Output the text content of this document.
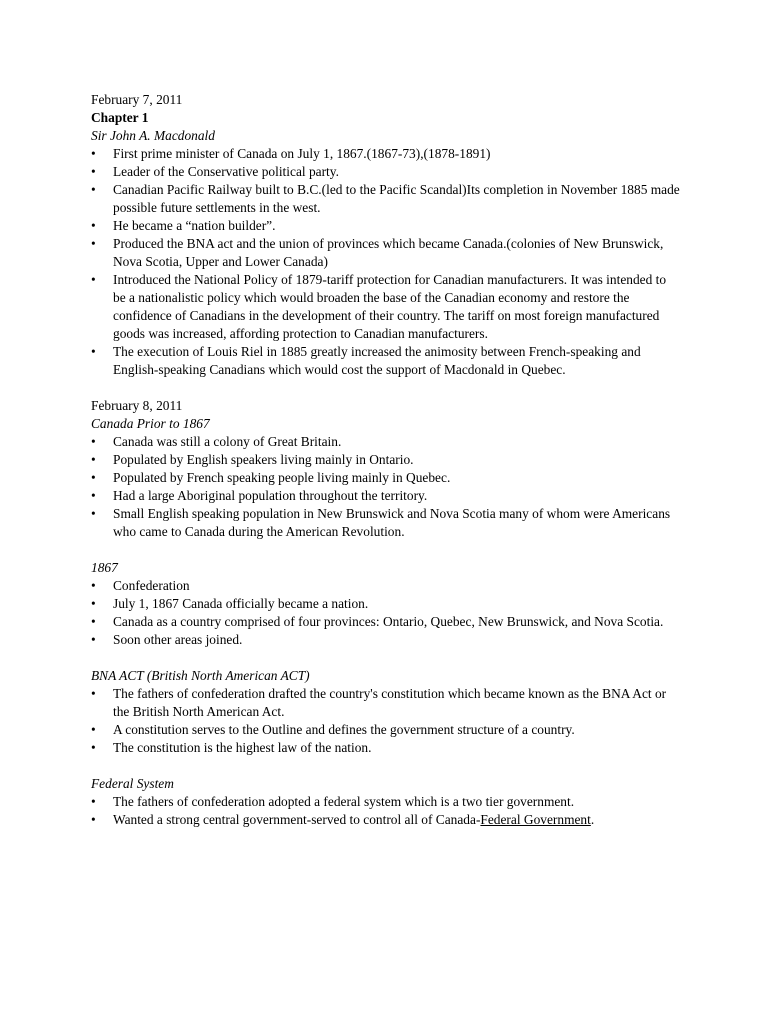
February 7, 2011
Chapter 1
Sir John A. Macdonald
•	First prime minister of Canada on July 1, 1867.(1867-73),(1878-1891)
•	Leader of the Conservative political party.
•	Canadian Pacific Railway built to B.C.(led to the Pacific Scandal)Its completion in November 1885 made possible future settlements in the west.
•	He became a “nation builder”.
•	Produced the BNA act and the union of provinces which became Canada.(colonies of New Brunswick, Nova Scotia, Upper and Lower Canada)
•	Introduced the National Policy of 1879-tariff protection for Canadian manufacturers. It was intended to be a nationalistic policy which would broaden the base of the Canadian economy and restore the confidence of Canadians in the development of their country. The tariff on most foreign manufactured goods was increased, affording protection to Canadian manufacturers.
•	The execution of Louis Riel in 1885 greatly increased the animosity between French-speaking and English-speaking Canadians which would cost the support of Macdonald in Quebec.
February 8, 2011
Canada Prior to 1867
•	Canada was still a colony of Great Britain.
•	Populated by English speakers living mainly in Ontario.
•	Populated by French speaking people living mainly in Quebec.
•	Had a large Aboriginal population throughout the territory.
•	Small English speaking population in New Brunswick and Nova Scotia many of whom were Americans who came to Canada during the American Revolution.
1867
•	Confederation
•	July 1, 1867 Canada officially became a nation.
•	Canada as a country comprised of four provinces: Ontario, Quebec, New Brunswick, and Nova Scotia.
•	Soon other areas joined.
BNA ACT (British North American ACT)
•	The fathers of confederation drafted the country's constitution which became known as the BNA Act or the British North American Act.
•	A constitution serves to the Outline and defines the government structure of a country.
•	The constitution is the highest law of the nation.
Federal System
•	The fathers of confederation adopted a federal system which is a two tier government.
•	Wanted a strong central government-served to control all of Canada-Federal Government.
